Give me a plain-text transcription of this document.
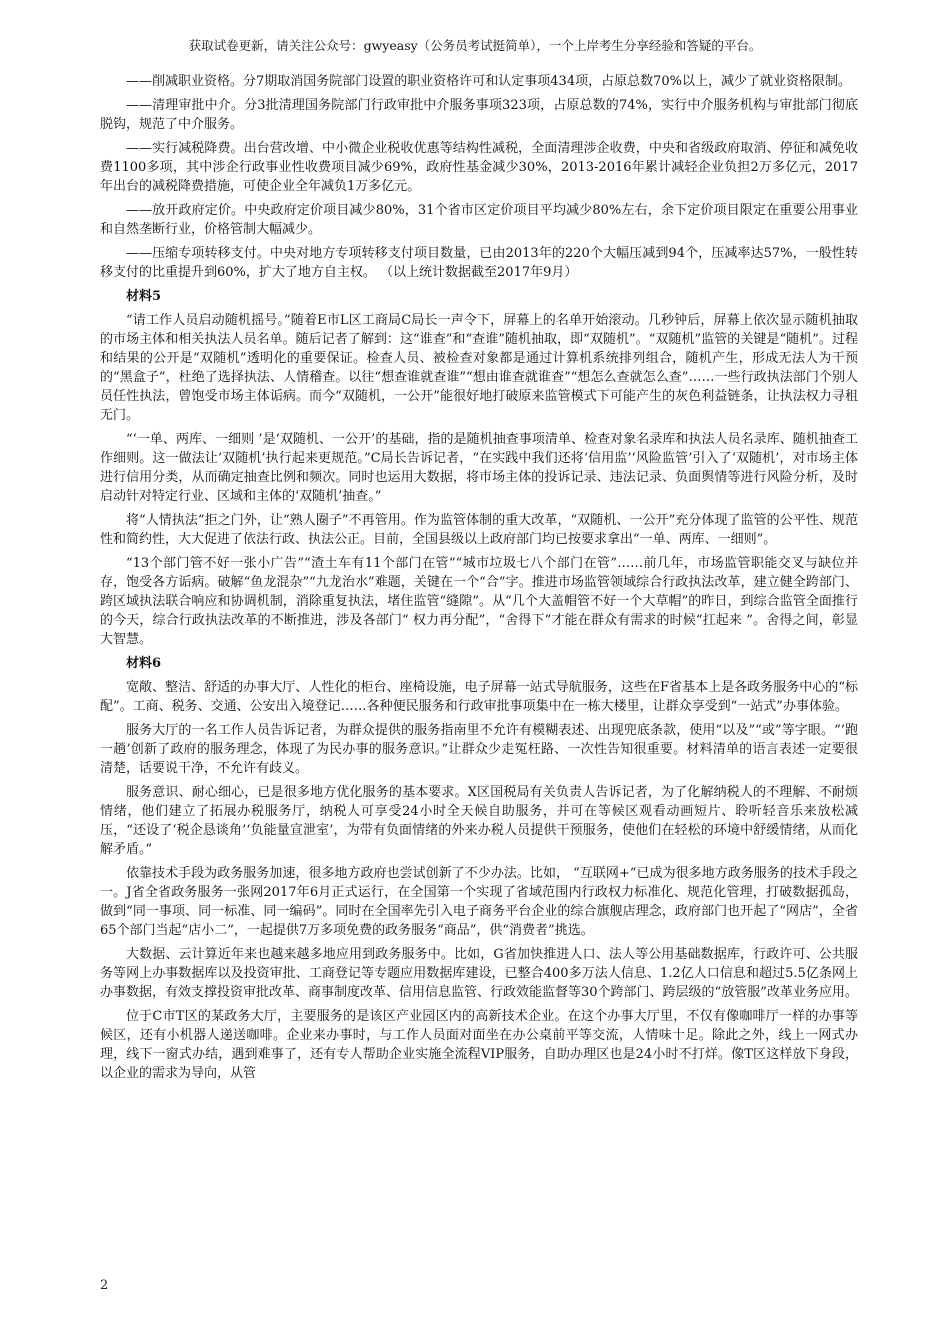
获取试卷更新，请关注公众号：gwyeasy（公务员考试挺简单），一个上岸考生分享经验和答疑的平台。

——削减职业资格。分7期取消国务院部门设置的职业资格许可和认定事项434项，占原总数70%以上，减少了就业资格限制。

——清理审批中介。分3批清理国务院部门行政审批中介服务事项323项，占原总数的74%，实行中介服务机构与审批部门彻底脱钩，规范了中介服务。

——实行减税降费。出台营改增、中小微企业税收优惠等结构性减税，全面清理涉企收费，中央和省级政府取消、停征和减免收费1100多项，其中涉企行政事业性收费项目减少69%，政府性基金减少30%，2013-2016年累计减轻企业负担2万多亿元，2017年出台的减税降费措施，可使企业全年减负1万多亿元。

——放开政府定价。中央政府定价项目减少80%，31个省市区定价项目平均减少80%左右，余下定价项目限定在重要公用事业和自然垄断行业，价格管制大幅减少。

——压缩专项转移支付。中央对地方专项转移支付项目数量，已由2013年的220个大幅压减到94个，压减率达57%，一般性转移支付的比重提升到60%，扩大了地方自主权。 （以上统计数据截至2017年9月）

材料5

“请工作人员启动随机摇号。”随着E市L区工商局C局长一声令下，屏幕上的名单开始滚动。几秒钟后，屏幕上依次显示随机抽取的市场主体和相关执法人员名单。随后记者了解到：这“谁查”和“查谁”随机抽取，即“双随机”。“双随机”监管的关键是“随机”。过程和结果的公开是“双随机”透明化的重要保证。检查人员、被检查对象都是通过计算机系统排列组合，随机产生，形成无法人为干预的“黑盒子”，杜绝了选择执法、人情稽查。以往“想查谁就查谁”“想由谁查就谁查”“想怎么查就怎么查”……一些行政执法部门个别人员任性执法，曾饱受市场主体诟病。而今“双随机，一公开”能很好地打破原来监管模式下可能产生的灰色利益链条，让执法权力寻租无门。

“‘一单、两库、一细则 ’是‘双随机、一公开’的基础，指的是随机抽查事项清单、检查对象名录库和执法人员名录库、随机抽查工作细则。这一做法让‘双随机’执行起来更规范。”C局长告诉记者，“在实践中我们还将‘信用监’‘风险监管’引入了‘双随机’，对市场主体进行信用分类，从而确定抽查比例和频次。同时也运用大数据，将市场主体的投诉记录、违法记录、负面舆情等进行风险分析，及时启动针对特定行业、区域和主体的‘双随机’抽查。”

将“人情执法”拒之门外，让“熟人圈子”不再管用。作为监管体制的重大改革，“双随机、一公开”充分体现了监管的公平性、规范性和简约性，大大促进了依法行政、执法公正。目前，全国县级以上政府部门均已按要求拿出“一单、两库、一细则”。

“13个部门管不好一张小广告”“渣土车有11个部门在管”“城市垃圾七八个部门在管”……前几年，市场监管职能交叉与缺位并存，饱受各方诟病。破解“鱼龙混杂”“九龙治水”难题，关键在一个“合”字。推进市场监管领域综合行政执法改革，建立健全跨部门、跨区域执法联合响应和协调机制，消除重复执法，堵住监管“缝隙”。从“几个大盖帽管不好一个大草帽”的昨日，到综合监管全面推行的今天，综合行政执法改革的不断推进，涉及各部门“ 权力再分配”，“舍得下”才能在群众有需求的时候“扛起来 ”。舍得之间，彰显大智慧。

材料6

宽敞、整洁、舒适的办事大厅、人性化的柜台、座椅设施，电子屏幕一站式导航服务，这些在F省基本上是各政务服务中心的“标配”。工商、税务、交通、公安出入境登记……各种便民服务和行政审批事项集中在一栋大楼里，让群众享受到“一站式”办事体验。

服务大厅的一名工作人员告诉记者，为群众提供的服务指南里不允许有模糊表述、出现兜底条款，使用“以及”“或”等字眼。“‘跑一趟’创新了政府的服务理念，体现了为民办事的服务意识。”让群众少走冤枉路、一次性告知很重要。材料清单的语言表述一定要很清楚，话要说干净，不允许有歧义。

服务意识、耐心细心，已是很多地方优化服务的基本要求。X区国税局有关负责人告诉记者，为了化解纳税人的不理解、不耐烦情绪，他们建立了拓展办税服务厅，纳税人可享受24小时全天候自助服务，并可在等候区观看动画短片、聆听轻音乐来放松减压，“还设了‘税企恳谈角’‘负能量宣泄室’，为带有负面情绪的外来办税人员提供干预服务，使他们在轻松的环境中舒缓情绪，从而化解矛盾。”

依靠技术手段为政务服务加速，很多地方政府也尝试创新了不少办法。比如， “互联网+”已成为很多地方政务服务的技术手段之一。J省全省政务服务一张网2017年6月正式运行，在全国第一个实现了省域范围内行政权力标准化、规范化管理，打破数据孤岛，做到“同一事项、同一标准、同一编码”。同时在全国率先引入电子商务平台企业的综合旗舰店理念，政府部门也开起了“网店”，全省65个部门当起“店小二”，一起提供7万多项免费的政务服务“商品”，供“消费者”挑选。

大数据、云计算近年来也越来越多地应用到政务服务中。比如，G省加快推进人口、法人等公用基础数据库，行政许可、公共服务等网上办事数据库以及投资审批、工商登记等专题应用数据库建设，已整合400多万法人信息、1.2亿人口信息和超过5.5亿条网上办事数据，有效支撑投资审批改革、商事制度改革、信用信息监管、行政效能监督等30个跨部门、跨层级的“放管服”改革业务应用。

位于C市T区的某政务大厅，主要服务的是该区产业园区内的高新技术企业。在这个办事大厅里，不仅有像咖啡厅一样的办事等候区，还有小机器人递送咖啡。企业来办事时，与工作人员面对面坐在办公桌前平等交流，人情味十足。除此之外，线上一网式办理，线下一窗式办结，遇到难事了，还有专人帮助企业实施全流程VIP服务，自助办理区也是24小时不打烊。像T区这样放下身段，以企业的需求为导向，从管

2
